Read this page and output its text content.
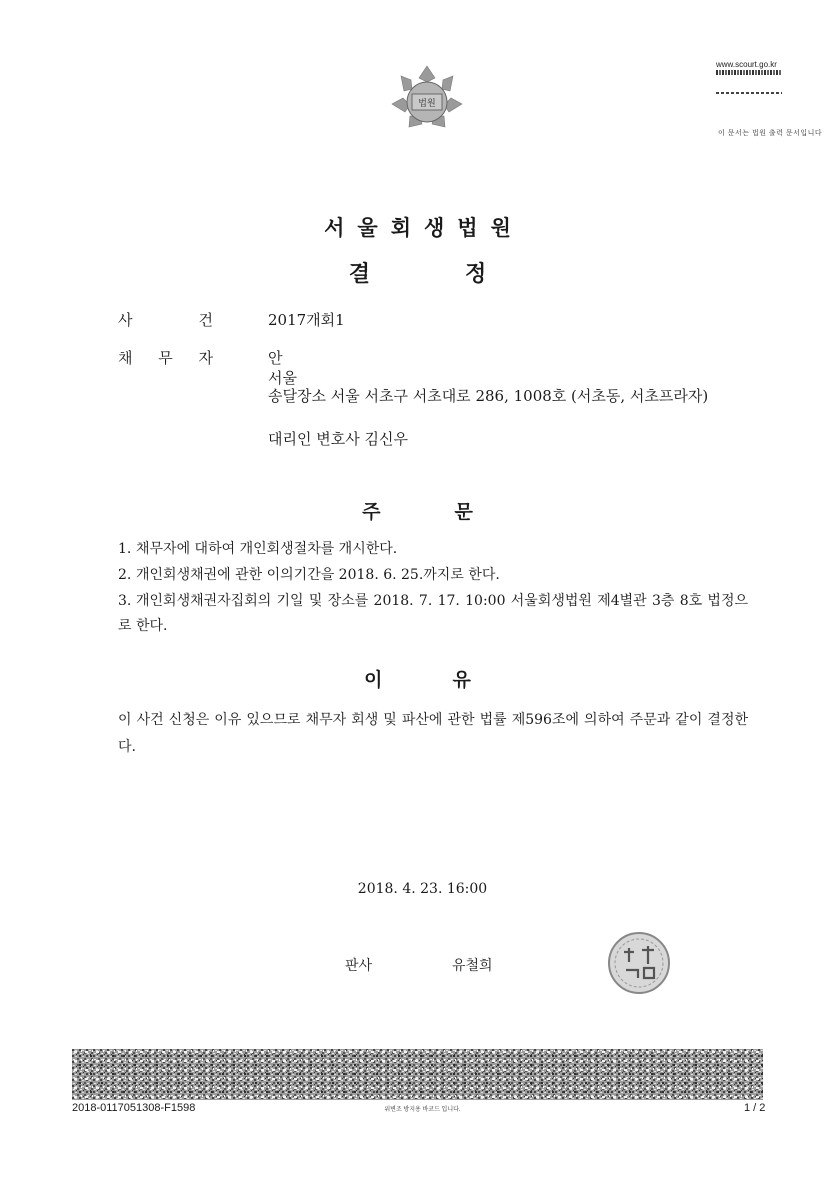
법원
www.scourt.go.kr
이 문서는 법원 출력 문서입니다
서울회생법원
결정
사	건	2017개회1
채 무 자	안
서울
송달장소 서울 서초구 서초대로 286, 1008호 (서초동, 서초프라자)
대리인 변호사 김신우
주문
1. 채무자에 대하여 개인회생절차를 개시한다.
2. 개인회생채권에 관한 이의기간을 2018. 6. 25.까지로 한다.
3. 개인회생채권자집회의 기일 및 장소를 2018. 7. 17. 10:00 서울회생법원 제4별관 3층 8호 법정으로 한다.
이유
이 사건 신청은 이유 있으므로 채무자 회생 및 파산에 관한 법률 제596조에 의하여 주문과 같이 결정한다.
2018. 4. 23. 16:00
판사	유철희
판사 인
2018-0117051308-F1598	위변조 방지용 바코드 입니다.	1 / 2
